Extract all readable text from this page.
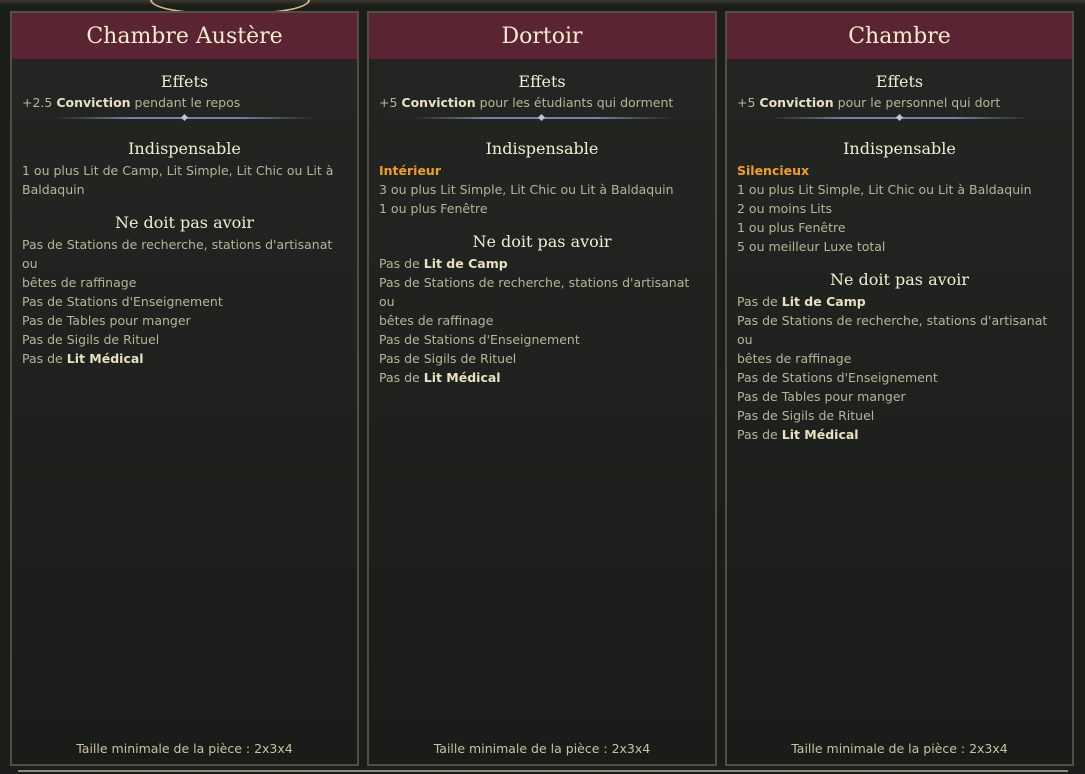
Chambre Austère

Effets

+2.5 Conviction pendant le repos

Indispensable

1 ou plus Lit de Camp, Lit Simple, Lit Chic ou Lit à

Baldaquin

Ne doit pas avoir

Pas de Stations de recherche, stations d'artisanat ou

bêtes de raffinage

Pas de Stations d'Enseignement

Pas de Tables pour manger

Pas de Sigils de Rituel

Pas de Lit Médical

Taille minimale de la pièce : 2x3x4
Dortoir

Effets

+5 Conviction pour les étudiants qui dorment

Indispensable

Intérieur

3 ou plus Lit Simple, Lit Chic ou Lit à Baldaquin

1 ou plus Fenêtre

Ne doit pas avoir

Pas de Lit de Camp

Pas de Stations de recherche, stations d'artisanat ou

bêtes de raffinage

Pas de Stations d'Enseignement

Pas de Sigils de Rituel

Pas de Lit Médical

Taille minimale de la pièce : 2x3x4
Chambre

Effets

+5 Conviction pour le personnel qui dort

Indispensable

Silencieux

1 ou plus Lit Simple, Lit Chic ou Lit à Baldaquin

2 ou moins Lits

1 ou plus Fenêtre

5 ou meilleur Luxe total

Ne doit pas avoir

Pas de Lit de Camp

Pas de Stations de recherche, stations d'artisanat ou

bêtes de raffinage

Pas de Stations d'Enseignement

Pas de Tables pour manger

Pas de Sigils de Rituel

Pas de Lit Médical

Taille minimale de la pièce : 2x3x4
